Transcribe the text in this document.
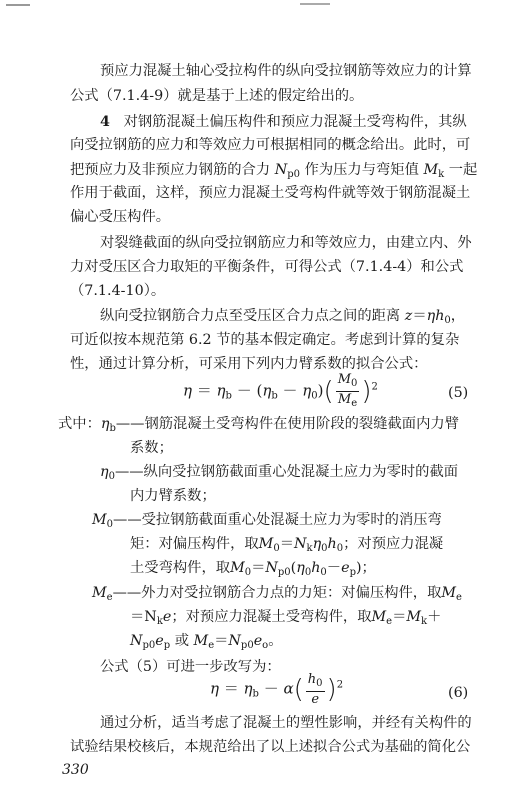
预应力混凝土轴心受拉构件的纵向受拉钢筋等效应力的计算
公式（7.1.4-9）就是基于上述的假定给出的。
4 对钢筋混凝土偏压构件和预应力混凝土受弯构件，其纵
向受拉钢筋的应力和等效应力可根据相同的概念给出。此时，可
把预应力及非预应力钢筋的合力 $N_{p0}$ 作为压力与弯矩值 $M_k$ 一起
作用于截面，这样，预应力混凝土受弯构件就等效于钢筋混凝土
偏心受压构件。
对裂缝截面的纵向受拉钢筋应力和等效应力，由建立内、外
力对受压区合力取矩的平衡条件，可得公式（7.1.4-4）和公式
（7.1.4-10）。
纵向受拉钢筋合力点至受压区合力点之间的距离 $z=\eta h_0$，
可近似按本规范第 6.2 节的基本假定确定。考虑到计算的复杂
性，通过计算分析，可采用下列内力臂系数的拟合公式：
$\eta = \eta_b - (\eta_b - \eta_0)( \frac{M_0}{M_e} )^2$	(5)
式中：$\eta_b——$钢筋混凝土受弯构件在使用阶段的裂缝截面内力臂
系数；
$\eta_0——$纵向受拉钢筋截面重心处混凝土应力为零时的截面
内力臂系数；
$M_0——$受拉钢筋截面重心处混凝土应力为零时的消压弯
矩：对偏压构件，取$M_0=N_k\eta_0h_0$；对预应力混凝
土受弯构件，取$M_0=N_{p0}(\eta_0h_0-e_p)$；
$M_e——$外力对受拉钢筋合力点的力矩：对偏压构件，取$M_e$
$=N_ke$；对预应力混凝土受弯构件，取$M_e=M_k+$
$N_{p0}e_p$ 或 $M_e=N_{p0}e_o$。
公式（5）可进一步改写为：
$\eta = \eta_b - \alpha( \frac{h_0}{e} )^2$	(6)
通过分析，适当考虑了混凝土的塑性影响，并经有关构件的
试验结果校核后，本规范给出了以上述拟合公式为基础的简化公
330
